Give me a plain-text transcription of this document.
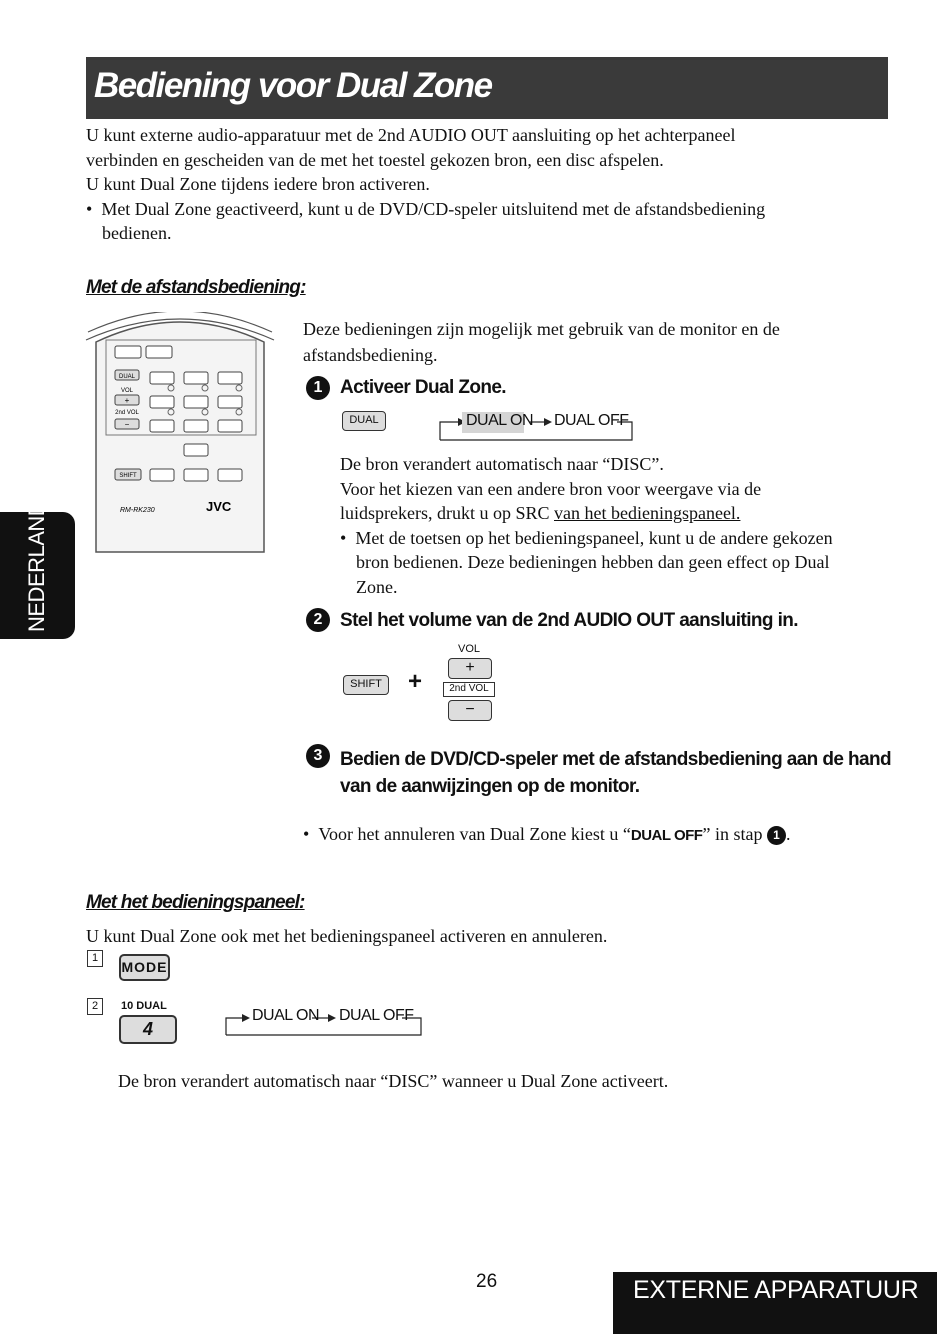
Bediening voor Dual Zone
U kunt externe audio-apparatuur met de 2nd AUDIO OUT aansluiting op het achterpaneel
verbinden en gescheiden van de met het toestel gekozen bron, een disc afspelen.
U kunt Dual Zone tijdens iedere bron activeren.
•  Met Dual Zone geactiveerd, kunt u de DVD/CD-speler uitsluitend met de afstandsbediening
bedienen.
Met de afstandsbediening:
DUAL
VOL
+
2nd VOL
−
SHIFT
RM-RK230	JVC
Deze bedieningen zijn mogelijk met gebruik van de monitor en de
afstandsbediening.
1 Activeer Dual Zone.
DUAL	DUAL ON DUAL OFF
De bron verandert automatisch naar “DISC”.
Voor het kiezen van een andere bron voor weergave via de
luidsprekers, drukt u op SRC van het bedieningspaneel.
•  Met de toetsen op het bedieningspaneel, kunt u de andere gekozen
bron bedienen. Deze bedieningen hebben dan geen effect op Dual
Zone.
2 Stel het volume van de 2nd AUDIO OUT aansluiting in.
SHIFT +
VOL
+
2nd VOL
−
3 Bedien de DVD/CD-speler met de afstandsbediening aan de hand
van de aanwijzingen op de monitor.
•  Voor het annuleren van Dual Zone kiest u “DUAL OFF” in stap 1 .
Met het bedieningspaneel:
U kunt Dual Zone ook met het bedieningspaneel activeren en annuleren.
1
MODE
2	10 DUAL
4
DUAL ON DUAL OFF
De bron verandert automatisch naar “DISC” wanneer u Dual Zone activeert.
NEDERLANDS
26	EXTERNE APPARATUUR
